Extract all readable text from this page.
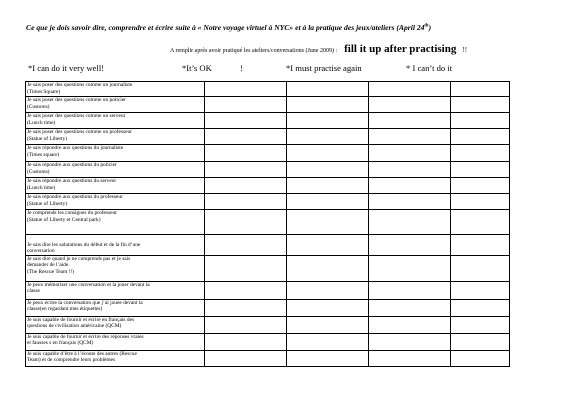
Ce que je dois savoir dire, comprendre et écrire suite à « Notre voyage virtuel à NYC» et à la pratique des jeux/ateliers (April 24th)
A remplir après avoir pratiqué les ateliers/conversations (June 2009) : fill it up after practising !!
*I can do it very well!	*It’s OK	!	*I must practise again	* I can’t do it
Je sais poser des questions comme un journaliste
(Times Square)				

Je sais poser des questions comme un policier
(Customs)				

Je sais poser des questions comme un serveur
(Lunch time)				

Je sais poser des questions comme un professeur
(Statue of Liberty)				

Je sais répondre aux questions du journaliste
(Times square)				

Je sais répondre aux questions du policier
(Customs)				

Je sais répondre aux questions du serveur
(Lunch time)				

Je sais répondre aux questions du professeur
(Statue of Liberty)				

Je comprends les consignes du professeur
(Statue of Liberty et Central park)				

Je sais dire les salutations du début et de la fin d’une
conversation				

Je sais dire quand je ne comprends pas et je sais
demander de l’aide.
(The Rescue Team !!)				

Je peux mémoriser une conversation et la jouer devant la
classe				

Je peux écrire la conversation que j’ai jouée devant la
classe(en regardant mes étiquettes)				

Je suis capable de fournir et écrire en français des
questions de civilisation américaine (QCM)				

Je suis capable de fournir et écrire des réponses vraies
et fausses s en français (QCM)				

Je suis capable d’être à l’écoute des autres (Rescue
Team) et de comprendre leurs problèmes				
